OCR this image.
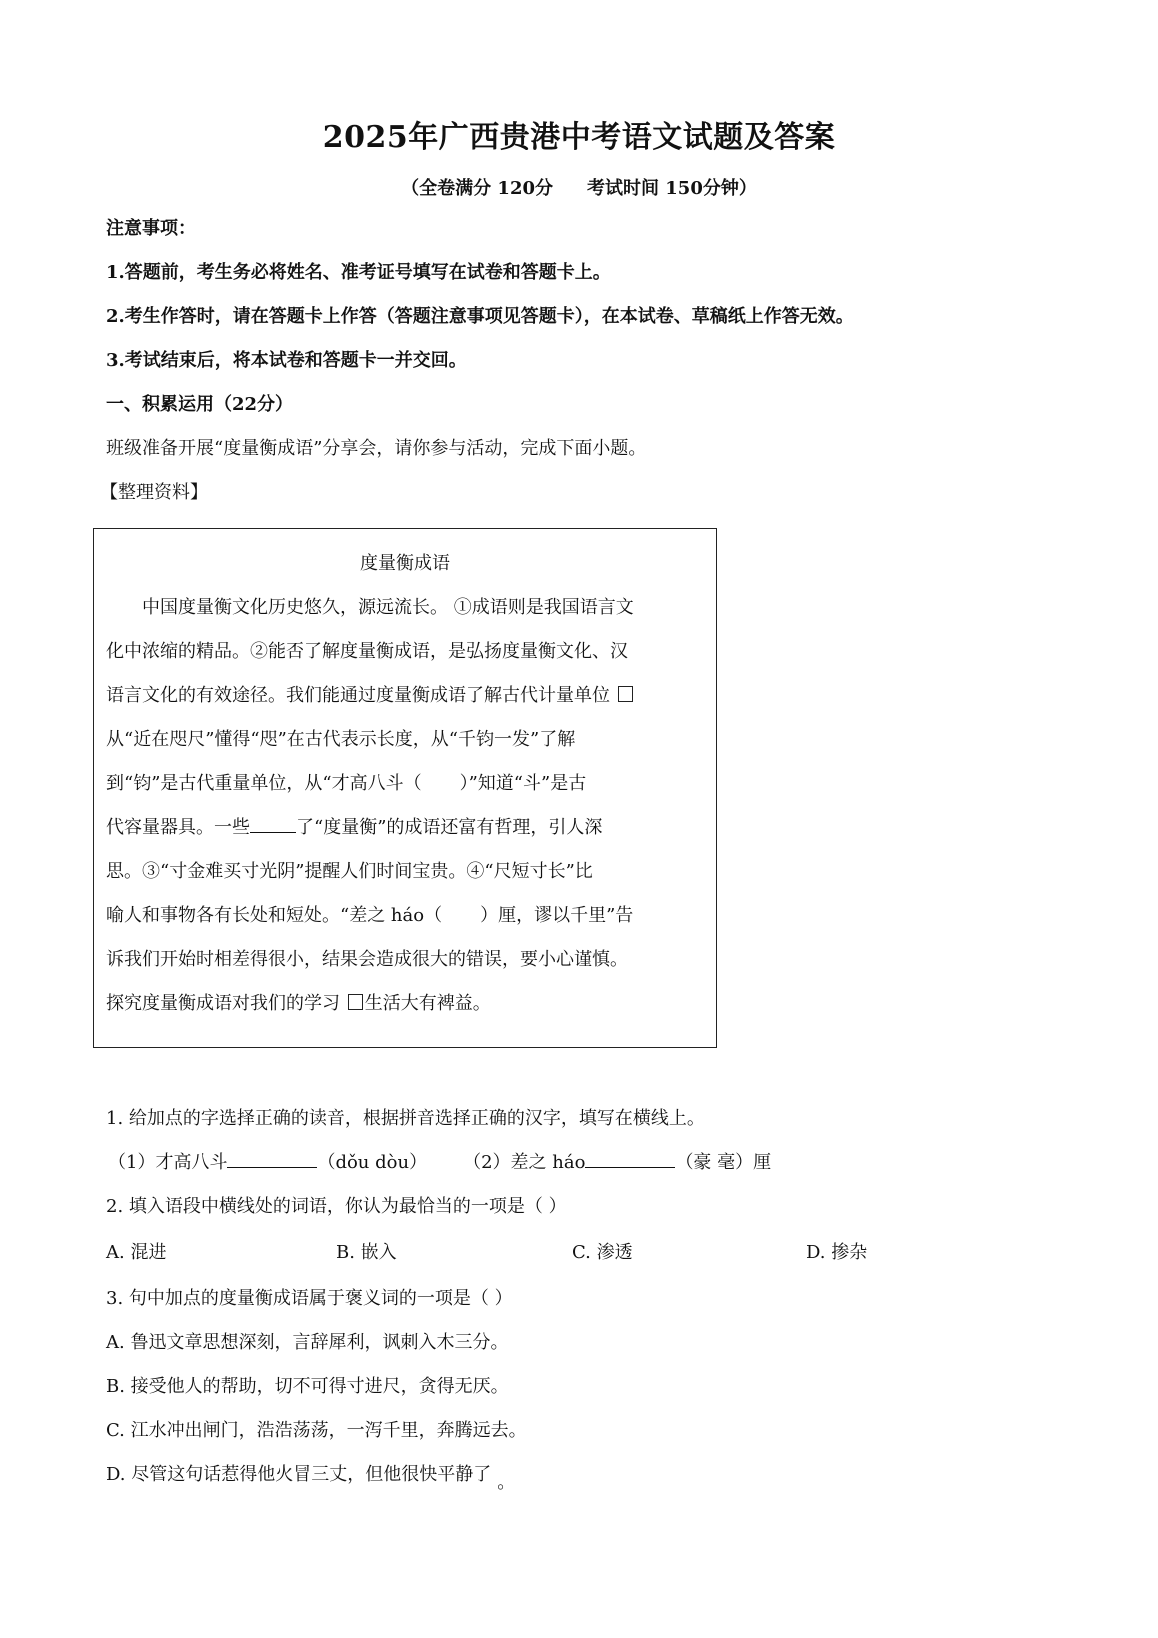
2025年广西贵港中考语文试题及答案
（全卷满分 120分 考试时间 150分钟）
注意事项：
1.答题前，考生务必将姓名、准考证号填写在试卷和答题卡上。
2.考生作答时，请在答题卡上作答（答题注意事项见答题卡），在本试卷、草稿纸上作答无效。
3.考试结束后，将本试卷和答题卡一并交回。
一、积累运用（22分）
班级准备开展“度量衡成语”分享会，请你参与活动，完成下面小题。
【整理资料】
度量衡成语
中国度量衡文化历史悠久，源远流长。 ①成语则是我国语言文
化中浓缩的精品。②能否了解度量衡成语，是弘扬度量衡文化、汉
语言文化的有效途径。我们能通过度量衡成语了解古代计量单位
从“近在咫尺”懂得“咫”在古代表示长度，从“千钧一发”了解
到“钧”是古代重量单位，从“才高八斗（ ）”知道“斗”是古
代容量器具。一些	了“度量衡”的成语还富有哲理，引人深
思。③“寸金难买寸光阴”提醒人们时间宝贵。④“尺短寸长”比
喻人和事物各有长处和短处。“差之 háo（ ）厘，谬以千里”告
诉我们开始时相差得很小，结果会造成很大的错误，要小心谨慎。
探究度量衡成语对我们的学习 生活大有裨益。
1. 给加点的字选择正确的读音，根据拼音选择正确的汉字，填写在横线上。
（1）才高八斗	（dǒu dòu） （2）差之 háo	（豪 毫）厘
2. 填入语段中横线处的词语，你认为最恰当的一项是（ ）
A. 混进	B. 嵌入	C. 渗透	D. 掺杂
3. 句中加点的度量衡成语属于褒义词的一项是（ ）
A. 鲁迅文章思想深刻，言辞犀利，讽刺入木三分。
B. 接受他人的帮助，切不可得寸进尺，贪得无厌。
C. 江水冲出闸门，浩浩荡荡，一泻千里，奔腾远去。
D. 尽管这句话惹得他火冒三丈，但他很快平静了 。
